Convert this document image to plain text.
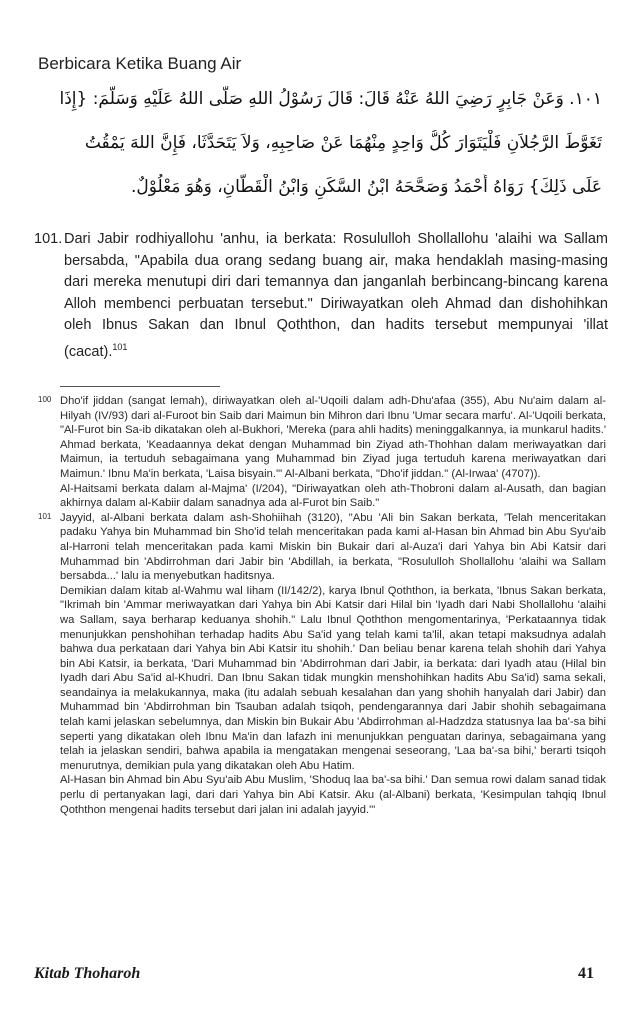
Berbicara Ketika Buang Air
١٠١. وَعَنْ جَابِرٍ رَضِيَ اللهُ عَنْهُ قَالَ: قَالَ رَسُوْلُ اللهِ صَلَّى اللهُ عَلَيْهِ وَسَلَّمَ: {إِذَا
تَغَوَّطَ الرَّجُلاَنِ فَلْيَتَوَارَ كُلُّ وَاحِدٍ مِنْهُمَا عَنْ صَاحِبِهِ، وَلاَ يَتَحَدَّثَا، فَإِنَّ اللهَ يَمْقُتُ
عَلَى ذَلِكَ} رَوَاهُ أَحْمَدُ وَصَحَّحَهُ ابْنُ السَّكَنِ وَابْنُ الْقَطَّانِ، وَهُوَ مَعْلُوْلٌ.
101. Dari Jabir rodhiyallohu 'anhu, ia berkata: Rosululloh Shollallohu 'alaihi wa Sallam bersabda, "Apabila dua orang sedang buang air, maka hendaklah masing-masing dari mereka menutupi diri dari temannya dan janganlah berbincang-bincang karena Alloh membenci perbuatan tersebut." Diriwayatkan oleh Ahmad dan dishohihkan oleh Ibnus Sakan dan Ibnul Qoththon, dan hadits tersebut mempunyai 'illat (cacat).$^{101}$
100 Dho'if jiddan (sangat lemah), diriwayatkan oleh al-'Uqoili dalam adh-Dhu'afaa (355), Abu Nu'aim dalam al-Hilyah (IV/93) dari al-Furoot bin Saib dari Maimun bin Mihron dari Ibnu 'Umar secara marfu'. Al-'Uqoili berkata, "Al-Furot bin Sa-ib dikatakan oleh al-Bukhori, 'Mereka (para ahli hadits) meninggalkannya, ia munkarul hadits.' Ahmad berkata, 'Keadaannya dekat dengan Muhammad bin Ziyad ath-Thohhan dalam meriwayatkan dari Maimun, ia tertuduh sebagaimana yang Muhammad bin Ziyad juga tertuduh karena meriwayatkan dari Maimun.' Ibnu Ma'in berkata, 'Laisa bisyain.'" Al-Albani berkata, "Dho'if jiddan." (Al-Irwaa' (4707)).

Al-Haitsami berkata dalam al-Majma' (I/204), "Diriwayatkan oleh ath-Thobroni dalam al-Ausath, dan bagian akhirnya dalam al-Kabiir dalam sanadnya ada al-Furot bin Saib."

101 Jayyid, al-Albani berkata dalam ash-Shohiihah (3120), "Abu 'Ali bin Sakan berkata, 'Telah menceritakan padaku Yahya bin Muhammad bin Sho'id telah menceritakan pada kami al-Hasan bin Ahmad bin Abu Syu'aib al-Harroni telah menceritakan pada kami Miskin bin Bukair dari al-Auza'i dari Yahya bin Abi Katsir dari Muhammad bin 'Abdirrohman dari Jabir bin 'Abdillah, ia berkata, "Rosululloh Shollallohu 'alaihi wa Sallam bersabda...' lalu ia menyebutkan haditsnya.

Demikian dalam kitab al-Wahmu wal Iiham (II/142/2), karya Ibnul Qoththon, ia berkata, 'Ibnus Sakan berkata, "Ikrimah bin 'Ammar meriwayatkan dari Yahya bin Abi Katsir dari Hilal bin 'Iyadh dari Nabi Shollallohu 'alaihi wa Sallam, saya berharap keduanya shohih." Lalu Ibnul Qoththon mengomentarinya, 'Perkataannya tidak menunjukkan penshohihan terhadap hadits Abu Sa'id yang telah kami ta'lil, akan tetapi maksudnya adalah bahwa dua perkataan dari Yahya bin Abi Katsir itu shohih.' Dan beliau benar karena telah shohih dari Yahya bin Abi Katsir, ia berkata, 'Dari Muhammad bin 'Abdirrohman dari Jabir, ia berkata: dari Iyadh atau (Hilal bin Iyadh dari Abu Sa'id al-Khudri. Dan Ibnu Sakan tidak mungkin menshohihkan hadits Abu Sa'id) sama sekali, seandainya ia melakukannya, maka (itu adalah sebuah kesalahan dan yang shohih hanyalah dari Jabir) dan Muhammad bin 'Abdirrohman bin Tsauban adalah tsiqoh, pendengarannya dari Jabir shohih sebagaimana telah kami jelaskan sebelumnya, dan Miskin bin Bukair Abu 'Abdirrohman al-Hadzdza statusnya laa ba'-sa bihi seperti yang dikatakan oleh Ibnu Ma'in dan lafazh ini menunjukkan penguatan darinya, sebagaimana yang telah ia jelaskan sendiri, bahwa apabila ia mengatakan mengenai seseorang, 'Laa ba'-sa bihi,' berarti tsiqoh menurutnya, demikian pula yang dikatakan oleh Abu Hatim.

Al-Hasan bin Ahmad bin Abu Syu'aib Abu Muslim, 'Shoduq laa ba'-sa bihi.' Dan semua rowi dalam sanad tidak perlu di pertanyakan lagi, dari dari Yahya bin Abi Katsir. Aku (al-Albani) berkata, 'Kesimpulan tahqiq Ibnul Qoththon mengenai hadits tersebut dari jalan ini adalah jayyid.'"

Kitab Thoharoh	41
